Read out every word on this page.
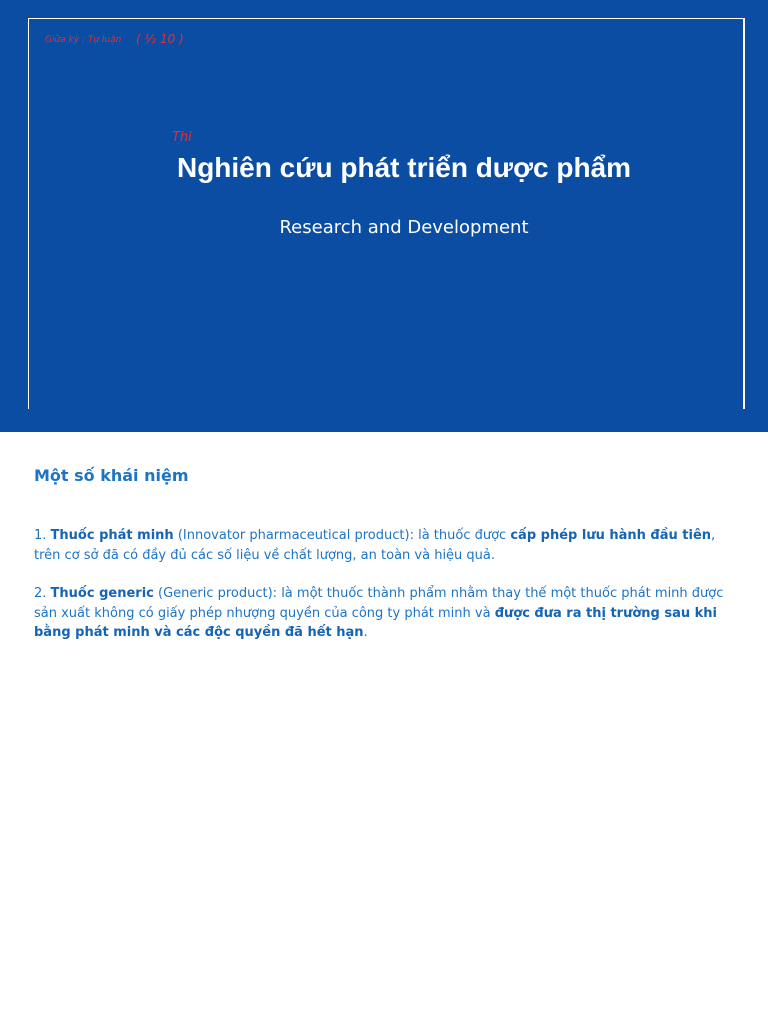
Giữa kỳ : Tự luận ( ½ 10 )
Thi
Nghiên cứu phát triển dược phẩm
Research and Development
Một số khái niệm
1. Thuốc phát minh (Innovator pharmaceutical product): là thuốc được cấp phép lưu hành đầu tiên, trên cơ sở đã có đầy đủ các số liệu về chất lượng, an toàn và hiệu quả.
2. Thuốc generic (Generic product): là một thuốc thành phẩm nhằm thay thế một thuốc phát minh được sản xuất không có giấy phép nhượng quyền của công ty phát minh và được đưa ra thị trường sau khi bằng phát minh và các độc quyền đã hết hạn.
